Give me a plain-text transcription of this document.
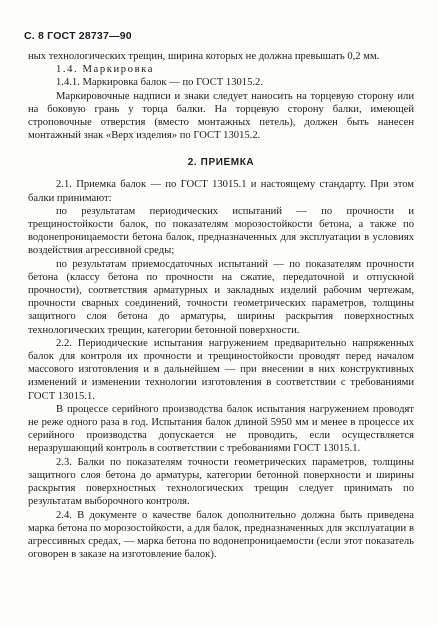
С. 8 ГОСТ 28737—90

ных технологических трещин, ширина которых не должна превышать 0,2 мм.

1.4. Маркировка

1.4.1. Маркировка балок — по ГОСТ 13015.2.

Маркировочные надписи и знаки следует наносить на торцевую сторону или на боковую грань у торца балки. На торцевую сторону балки, имеющей строповочные отверстия (вместо монтажных петель), должен быть нанесен монтажный знак «Верх изделия» по ГОСТ 13015.2.

2. ПРИЕМКА

2.1. Приемка балок — по ГОСТ 13015.1 и настоящему стандарту. При этом балки принимают:

по результатам периодических испытаний — по прочности и трещиностойкости балок, по показателям морозостойкости бетона, а также по водонепроницаемости бетона балок, предназначенных для эксплуатации в условиях воздействия агрессивной среды;

по результатам приемосдаточных испытаний — по показателям прочности бетона (классу бетона по прочности на сжатие, передаточной и отпускной прочности), соответствия арматурных и закладных изделий рабочим чертежам, прочности сварных соединений, точности геометрических параметров, толщины защитного слоя бетона до арматуры, ширины раскрытия поверхностных технологических трещин, категории бетонной поверхности.

2.2. Периодические испытания нагружением предварительно напряженных балок для контроля их прочности и трещиностойкости проводят перед началом массового изготовления и в дальнейшем — при внесении в них конструктивных изменений и изменении технологии изготовления в соответствии с требованиями ГОСТ 13015.1.

В процессе серийного производства балок испытания нагружением проводят не реже одного раза в год. Испытания балок длиной 5950 мм и менее в процессе их серийного производства допускается не проводить, если осуществляется неразрушающий контроль в соответствии с требованиями ГОСТ 13015.1.

2.3. Балки по показателям точности геометрических параметров, толщины защитного слоя бетона до арматуры, категории бетонной поверхности и ширины раскрытия поверхностных технологических трещин следует принимать по результатам выборочного контроля.

2.4. В документе о качестве балок дополнительно должна быть приведена марка бетона по морозостойкости, а для балок, предназначенных для эксплуатации в агрессивных средах, — марка бетона по водонепроницаемости (если этот показатель оговорен в заказе на изготовление балок).
